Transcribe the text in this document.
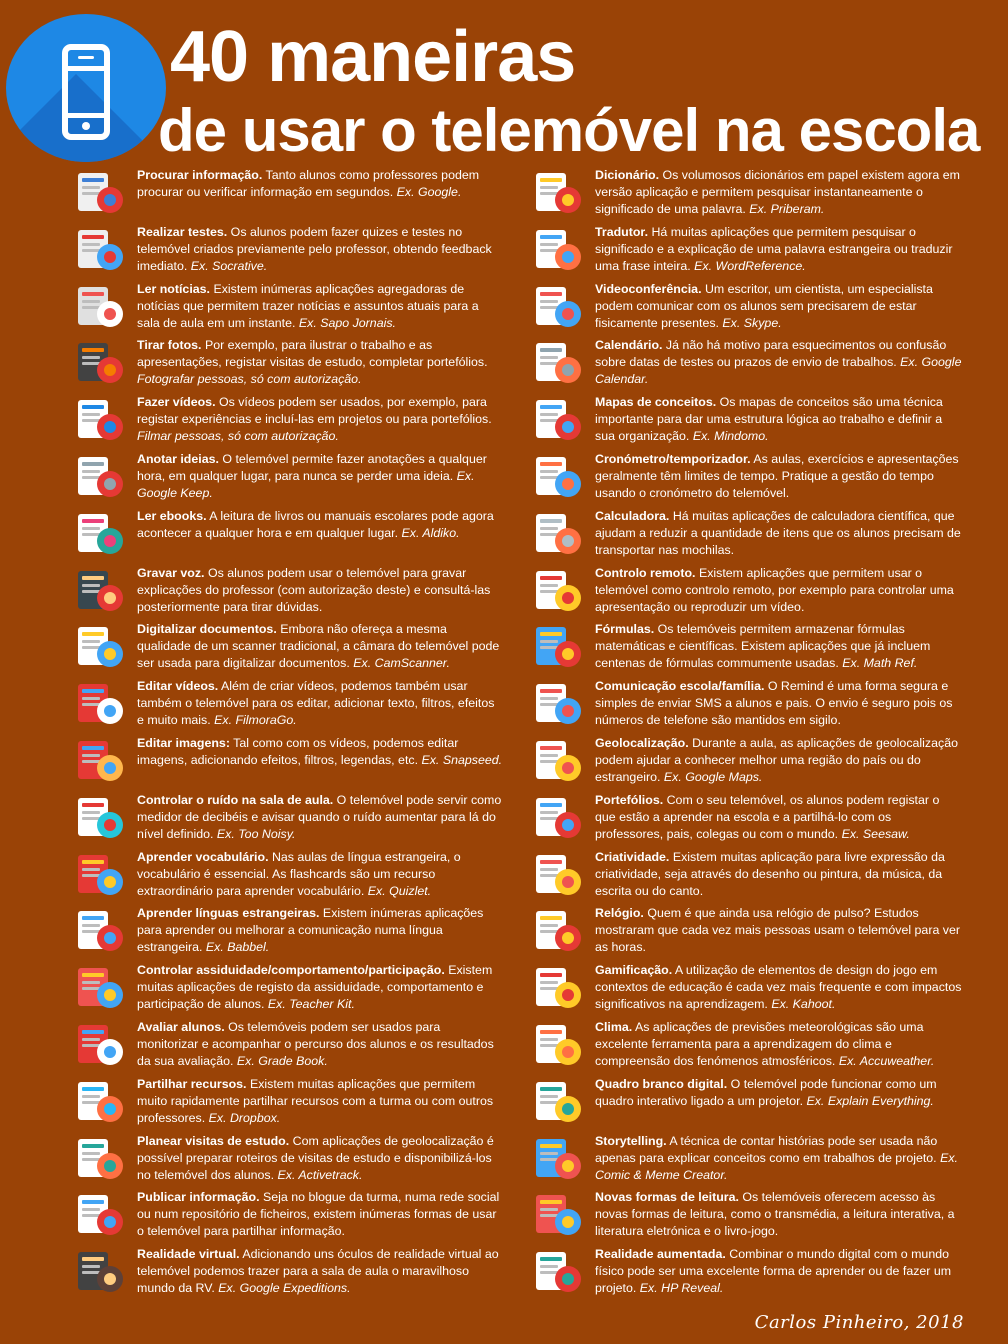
40 maneiras
de usar o telemóvel na escola
Procurar informação. Tanto alunos como professores podem procurar ou verificar informação em segundos. Ex. Google.
Realizar testes. Os alunos podem fazer quizes e testes no telemóvel criados previamente pelo professor, obtendo feedback imediato. Ex. Socrative.
Ler notícias. Existem inúmeras aplicações agregadoras de notícias que permitem trazer notícias e assuntos atuais para a sala de aula em um instante. Ex. Sapo Jornais.
Tirar fotos. Por exemplo, para ilustrar o trabalho e as apresentações, registar visitas de estudo, completar portefólios. Fotografar pessoas, só com autorização.
Fazer vídeos. Os vídeos podem ser usados, por exemplo, para registar experiências e incluí-las em projetos ou para portefólios. Filmar pessoas, só com autorização.
Anotar ideias. O telemóvel permite fazer anotações a qualquer hora, em qualquer lugar, para nunca se perder uma ideia. Ex. Google Keep.
Ler ebooks. A leitura de livros ou manuais escolares pode agora acontecer a qualquer hora e em qualquer lugar. Ex. Aldiko.
Gravar voz. Os alunos podem usar o telemóvel para gravar explicações do professor (com autorização deste) e consultá-las posteriormente para tirar dúvidas.
Digitalizar documentos. Embora não ofereça a mesma qualidade de um scanner tradicional, a câmara do telemóvel pode ser usada para digitalizar documentos. Ex. CamScanner.
Editar vídeos. Além de criar vídeos, podemos também usar também o telemóvel para os editar, adicionar texto, filtros, efeitos e muito mais. Ex. FilmoraGo.
Editar imagens: Tal como com os vídeos, podemos editar imagens, adicionando efeitos, filtros, legendas, etc. Ex. Snapseed.
Controlar o ruído na sala de aula. O telemóvel pode servir como medidor de decibéis e avisar quando o ruído aumentar para lá do nível definido. Ex. Too Noisy.
Aprender vocabulário. Nas aulas de língua estrangeira, o vocabulário é essencial. As flashcards são um recurso extraordinário para aprender vocabulário. Ex. Quizlet.
Aprender línguas estrangeiras. Existem inúmeras aplicações para aprender ou melhorar a comunicação numa língua estrangeira. Ex. Babbel.
Controlar assiduidade/comportamento/participação. Existem muitas aplicações de registo da assiduidade, comportamento e participação de alunos. Ex. Teacher Kit.
Avaliar alunos. Os telemóveis podem ser usados para monitorizar e acompanhar o percurso dos alunos e os resultados da sua avaliação. Ex. Grade Book.
Partilhar recursos. Existem muitas aplicações que permitem muito rapidamente partilhar recursos com a turma ou com outros professores. Ex. Dropbox.
Planear visitas de estudo. Com aplicações de geolocalização é possível preparar roteiros de visitas de estudo e disponibilizá-los no telemóvel dos alunos. Ex. Activetrack.
Publicar informação. Seja no blogue da turma, numa rede social ou num repositório de ficheiros, existem inúmeras formas de usar o telemóvel para partilhar informação.
Realidade virtual. Adicionando uns óculos de realidade virtual ao telemóvel podemos trazer para a sala de aula o maravilhoso mundo da RV. Ex. Google Expeditions.
Dicionário. Os volumosos dicionários em papel existem agora em versão aplicação e permitem pesquisar instantaneamente o significado de uma palavra. Ex. Priberam.
Tradutor. Há muitas aplicações que permitem pesquisar o significado e a explicação de uma palavra estrangeira ou traduzir uma frase inteira. Ex. WordReference.
Videoconferência. Um escritor, um cientista, um especialista podem comunicar com os alunos sem precisarem de estar fisicamente presentes. Ex. Skype.
Calendário. Já não há motivo para esquecimentos ou confusão sobre datas de testes ou prazos de envio de trabalhos. Ex. Google Calendar.
Mapas de conceitos. Os mapas de conceitos são uma técnica importante para dar uma estrutura lógica ao trabalho e definir a sua organização. Ex. Mindomo.
Cronómetro/temporizador. As aulas, exercícios e apresentações geralmente têm limites de tempo. Pratique a gestão do tempo usando o cronómetro do telemóvel.
Calculadora. Há muitas aplicações de calculadora científica, que ajudam a reduzir a quantidade de itens que os alunos precisam de transportar nas mochilas.
Controlo remoto. Existem aplicações que permitem usar o telemóvel como controlo remoto, por exemplo para controlar uma apresentação ou reproduzir um vídeo.
Fórmulas. Os telemóveis permitem armazenar fórmulas matemáticas e científicas. Existem aplicações que já incluem centenas de fórmulas commumente usadas. Ex. Math Ref.
Comunicação escola/família. O Remind é uma forma segura e simples de enviar SMS a alunos e pais. O envio é seguro pois os números de telefone são mantidos em sigilo.
Geolocalização. Durante a aula, as aplicações de geolocalização podem ajudar a conhecer melhor uma região do país ou do estrangeiro. Ex. Google Maps.
Portefólios. Com o seu telemóvel, os alunos podem registar o que estão a aprender na escola e a partilhá-lo com os professores, pais, colegas ou com o mundo. Ex. Seesaw.
Criatividade. Existem muitas aplicação para livre expressão da criatividade, seja através do desenho ou pintura, da música, da escrita ou do canto.
Relógio. Quem é que ainda usa relógio de pulso? Estudos mostraram que cada vez mais pessoas usam o telemóvel para ver as horas.
Gamificação. A utilização de elementos de design do jogo em contextos de educação é cada vez mais frequente e com impactos significativos na aprendizagem. Ex. Kahoot.
Clima. As aplicações de previsões meteorológicas são uma excelente ferramenta para a aprendizagem do clima e compreensão dos fenómenos atmosféricos. Ex. Accuweather.
Quadro branco digital. O telemóvel pode funcionar como um quadro interativo ligado a um projetor. Ex. Explain Everything.
Storytelling. A técnica de contar histórias pode ser usada não apenas para explicar conceitos como em trabalhos de projeto. Ex. Comic & Meme Creator.
Novas formas de leitura. Os telemóveis oferecem acesso às novas formas de leitura, como o transmédia, a leitura interativa, a literatura eletrónica e o livro-jogo.
Realidade aumentada. Combinar o mundo digital com o mundo físico pode ser uma excelente forma de aprender ou de fazer um projeto. Ex. HP Reveal.
Carlos Pinheiro, 2018
